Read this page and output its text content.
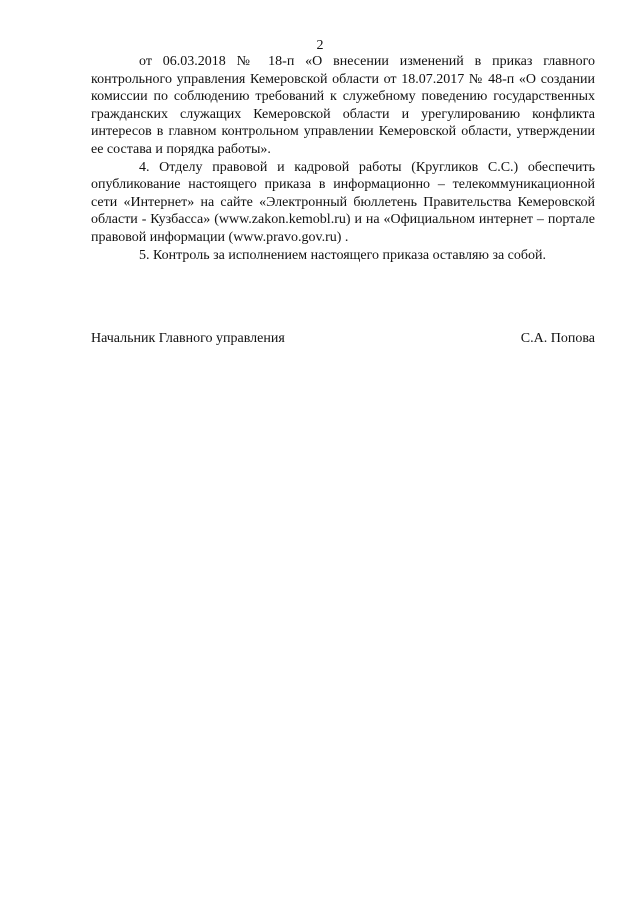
2

от 06.03.2018 № 18-п «О внесении изменений в приказ главного контрольного управления Кемеровской области от 18.07.2017 № 48-п «О создании комиссии по соблюдению требований к служебному поведению государственных гражданских служащих Кемеровской области и урегулированию конфликта интересов в главном контрольном управлении Кемеровской области, утверждении ее состава и порядка работы».

4. Отделу правовой и кадровой работы (Кругликов С.С.) обеспечить опубликование настоящего приказа в информационно – телекоммуникационной сети «Интернет» на сайте «Электронный бюллетень Правительства Кемеровской области - Кузбасса» (www.zakon.kemobl.ru) и на «Официальном интернет – портале правовой информации (www.pravo.gov.ru) .

5. Контроль за исполнением настоящего приказа оставляю за собой.

Начальник Главного управления	С.А. Попова
